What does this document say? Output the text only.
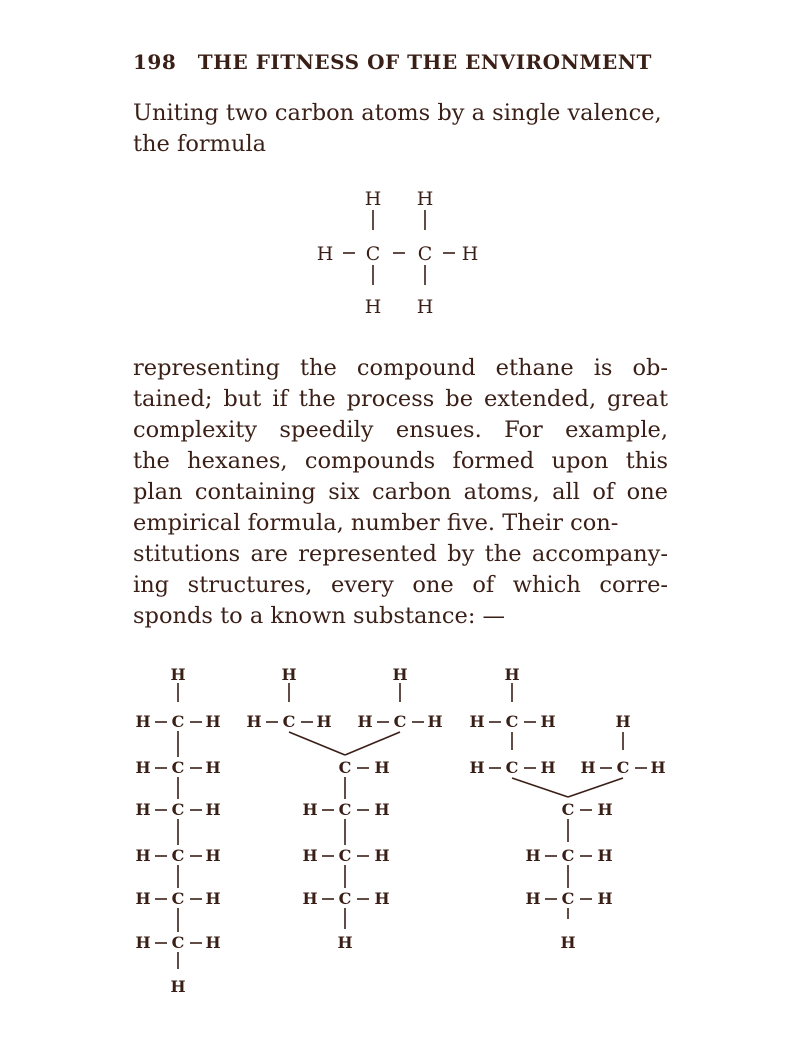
198 THE FITNESS OF THE ENVIRONMENT
Uniting two carbon atoms by a single valence,
the formula
representing the compound ethane is ob-
tained; but if the process be extended, great
complexity speedily ensues. For example,
the hexanes, compounds formed upon this
plan containing six carbon atoms, all of one
empirical formula, number five. Their con-
stitutions are represented by the accompany-
ing structures, every one of which corre-
sponds to a known substance: —
H H
H C C H
H H
H
H C H
H C H
H C H
H C H
H C H
H C H
H
H	H
H C H H C H
C H
H C H
H C H
H C H
H
H
H C H	H
H C H H C H
C H
H C H
H C H
H
